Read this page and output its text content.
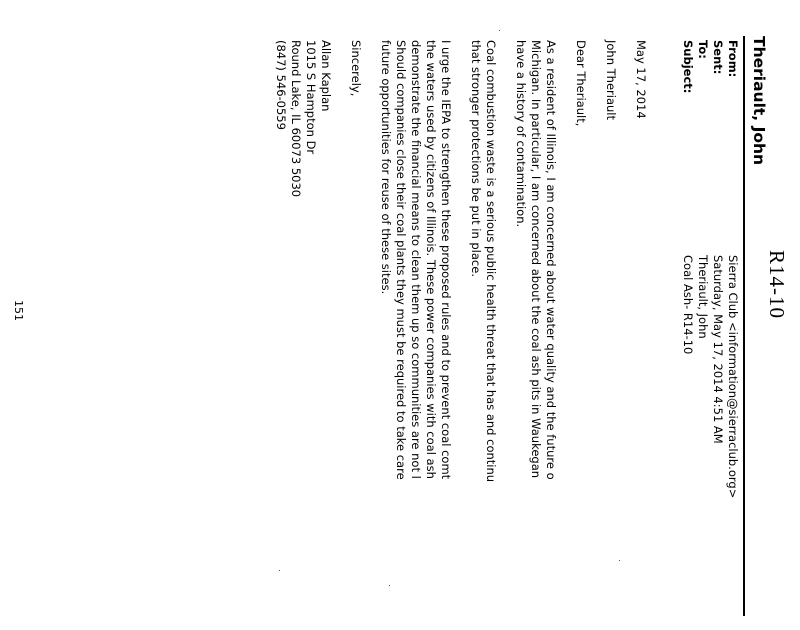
R14-10
Theriault, John
From:
Sierra Club <information@sierraclub.org>
Sent:
Saturday, May 17, 2014 4:51 AM
To:
Theriault, John
Subject:
Coal Ash- R14-10

May 17, 2014

John Theriault

Dear Theriault,

As a resident of Illinois, I am concerned about water quality and the future o
Michigan. In particular, I am concerned about the coal ash pits in Waukegan
have a history of contamination.

Coal combustion waste is a serious public health threat that has and continu
that stronger protections be put in place.

I urge the IEPA to strengthen these proposed rules and to prevent coal comt
the waters used by citizens of Illinois. These power companies with coal ash
demonstrate the financial means to clean them up so communities are not l
Should companies close their coal plants they must be required to take care
future opportunities for reuse of these sites.

Sincerely,

Allan Kaplan
1015 S Hampton Dr
Round Lake, IL 60073 5030
(847) 546-0559
151
